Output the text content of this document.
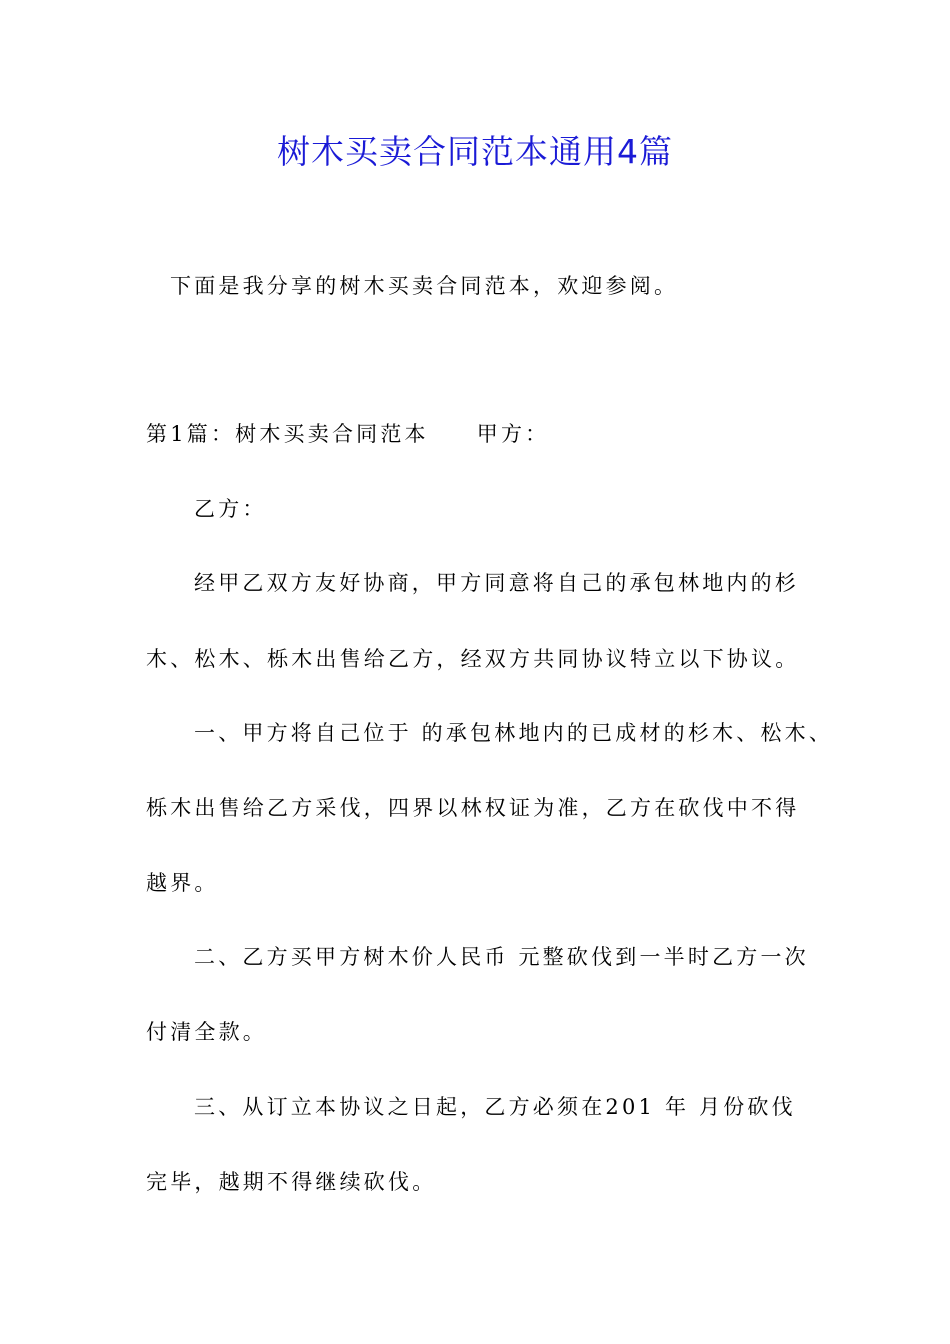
树木买卖合同范本通用4篇
下面是我分享的树木买卖合同范本，欢迎参阅。
第1篇：树木买卖合同范本 甲方：
乙方：
经甲乙双方友好协商，甲方同意将自己的承包林地内的杉
木、松木、栎木出售给乙方，经双方共同协议特立以下协议。
一、甲方将自己位于 的承包林地内的已成材的杉木、松木、
栎木出售给乙方采伐，四界以林权证为准，乙方在砍伐中不得
越界。
二、乙方买甲方树木价人民币 元整砍伐到一半时乙方一次
付清全款。
三、从订立本协议之日起，乙方必须在201 年 月份砍伐
完毕，越期不得继续砍伐。
